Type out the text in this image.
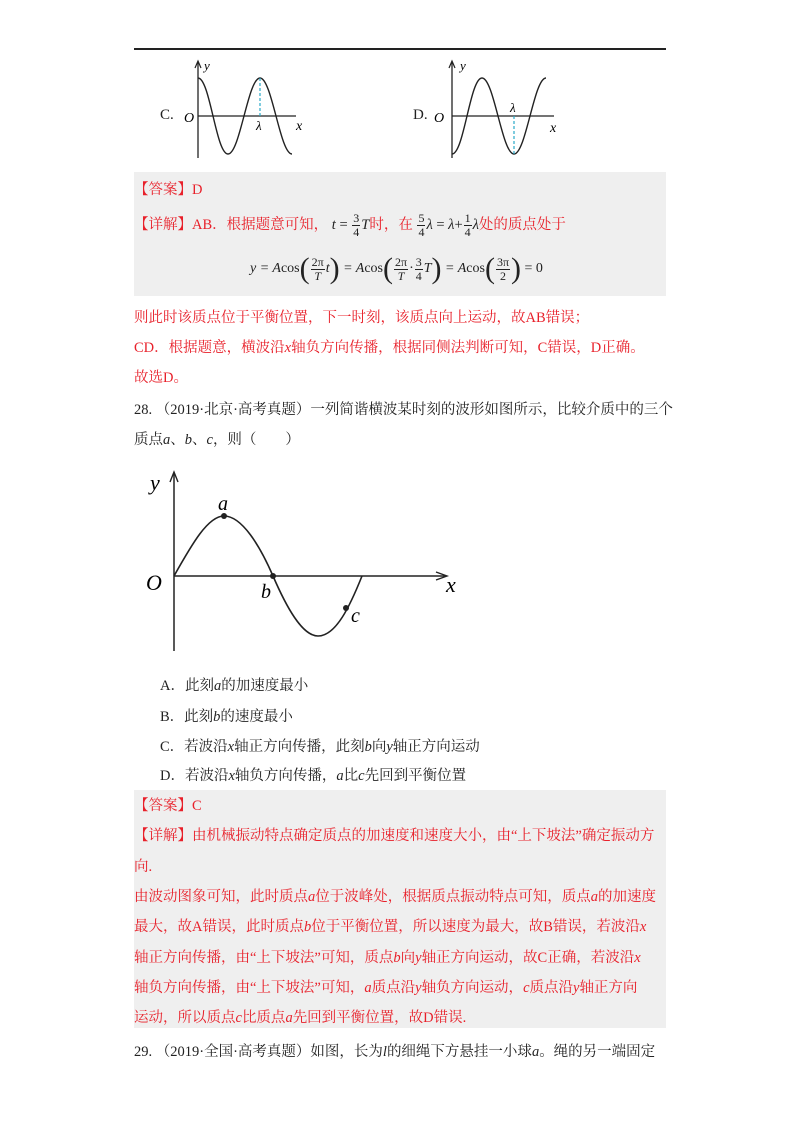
C.
y
O	λ x
D.
y
O
λ
x
【答案】D
【详解】AB．根据题意可知， $t = \frac{3}{4}$ T时，在 $\frac{5}{4}$ $\lambda = \lambda+ \frac{1}{4}$ λ处的质点处于
$y = Acos( \frac{2\pi}{T} t) = Acos( \frac{2\pi}{T} \cdot \frac{3}{4} T) = Acos( \frac{3\pi}{2}$ ) = 0
则此时该质点位于平衡位置，下一时刻，该质点向上运动，故AB错误；
CD．根据题意，横波沿x轴负方向传播，根据同侧法判断可知，C错误，D正确。
故选D。
28. （2019·北京·高考真题）一列简谐横波某时刻的波形如图所示，比较介质中的三个
质点a、b、c，则（　　）
y
O	x
a
b
c
A．此刻a的加速度最小
B．此刻b的速度最小
C．若波沿x轴正方向传播，此刻b向y轴正方向运动
D．若波沿x轴负方向传播，a比c先回到平衡位置
【答案】C
【详解】由机械振动特点确定质点的加速度和速度大小，由“上下坡法”确定振动方
向.
由波动图象可知，此时质点a位于波峰处，根据质点振动特点可知，质点a的加速度
最大，故A错误，此时质点b位于平衡位置，所以速度为最大，故B错误，若波沿x
轴正方向传播，由“上下坡法”可知，质点b向y轴正方向运动，故C正确，若波沿x
轴负方向传播，由“上下坡法”可知，a质点沿y轴负方向运动，c质点沿y轴正方向
运动，所以质点c比质点a先回到平衡位置，故D错误.
29. （2019·全国·高考真题）如图，长为l的细绳下方悬挂一小球a。绳的另一端固定
